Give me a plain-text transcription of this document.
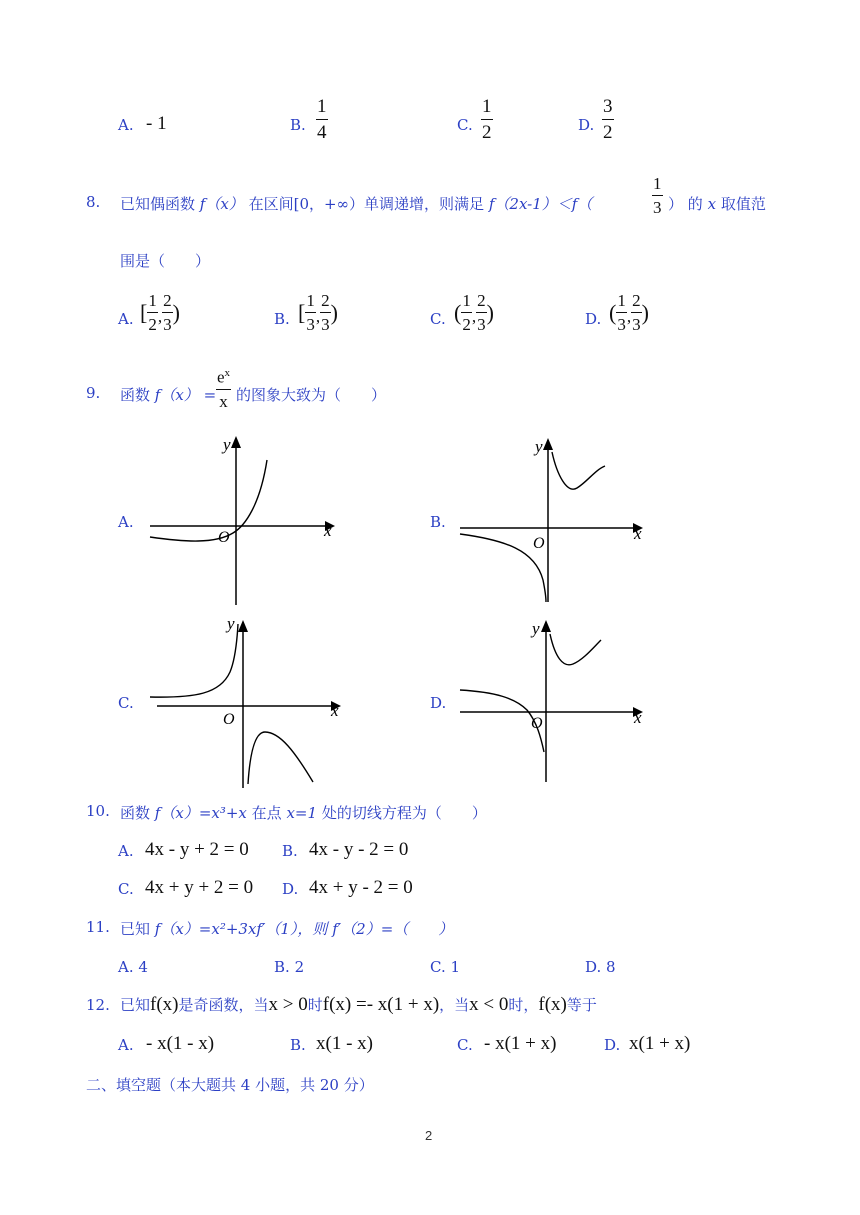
A. - 1	B. $\frac{1}{4}$	C. $\frac{1}{2}$	D. $\frac{3}{2}$
8. 已知偶函数 f（x） 在区间[0，+∞）单调递增，则满足 f（2x-1）＜f（	$\frac{1}{3}$ ） 的 x 取值范
围是（　　）
A. [ $\frac{1}{2}$ , $\frac{2}{3}$ )	B. [ $\frac{1}{3}$ , $\frac{2}{3}$ )	C. ( $\frac{1}{2}$ , $\frac{2}{3}$ )	D. ( $\frac{1}{3}$ , $\frac{2}{3}$ )
9. 函数 $f(x) = \frac{e^x}{x}$ 的图象大致为（　　）
A.
y
x
O
B.
y
x
O
C.
y
x
O
D.
y
x
O
10. 函数 f（x）=x³+x 在点 x=1 处的切线方程为（　　）
A. 4x - y + 2 = 0 B. 4x - y - 2 = 0
C. 4x + y + 2 = 0 D. 4x + y - 2 = 0
11. 已知 f（x）=x²+3xf′（1），则 f′（2）=（　　）
A. 4	B. 2	C. 1	D. 8
12. 已知f(x)是奇函数，当x > 0时f(x) =- x(1 + x)，当x < 0时，f(x)等于
A. - x(1 - x)	B. x(1 - x)	C. - x(1 + x)	D. x(1 + x)
二、填空题（本大题共 4 小题，共 20 分）
2
